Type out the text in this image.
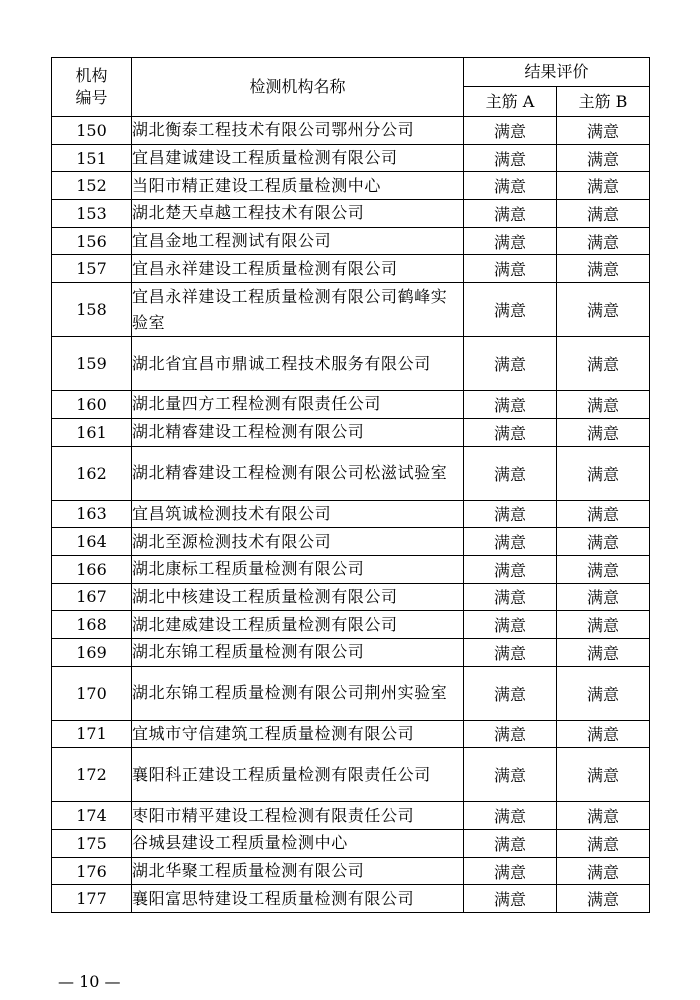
机构
编号	检测机构名称	结果评价	
		主筋 A	主筋 B
150	湖北衡泰工程技术有限公司鄂州分公司	满意	满意
151	宜昌建诚建设工程质量检测有限公司	满意	满意
152	当阳市精正建设工程质量检测中心	满意	满意
153	湖北楚天卓越工程技术有限公司	满意	满意
156	宜昌金地工程测试有限公司	满意	满意
157	宜昌永祥建设工程质量检测有限公司	满意	满意
158	宜昌永祥建设工程质量检测有限公司鹤峰实验室	满意	满意
159	湖北省宜昌市鼎诚工程技术服务有限公司	满意	满意
160	湖北量四方工程检测有限责任公司	满意	满意
161	湖北精睿建设工程检测有限公司	满意	满意
162	湖北精睿建设工程检测有限公司松滋试验室	满意	满意
163	宜昌筑诚检测技术有限公司	满意	满意
164	湖北至源检测技术有限公司	满意	满意
166	湖北康标工程质量检测有限公司	满意	满意
167	湖北中核建设工程质量检测有限公司	满意	满意
168	湖北建威建设工程质量检测有限公司	满意	满意
169	湖北东锦工程质量检测有限公司	满意	满意
170	湖北东锦工程质量检测有限公司荆州实验室	满意	满意
171	宜城市守信建筑工程质量检测有限公司	满意	满意
172	襄阳科正建设工程质量检测有限责任公司	满意	满意
174	枣阳市精平建设工程检测有限责任公司	满意	满意
175	谷城县建设工程质量检测中心	满意	满意
176	湖北华聚工程质量检测有限公司	满意	满意
177	襄阳富思特建设工程质量检测有限公司	满意	满意
— 10 —
